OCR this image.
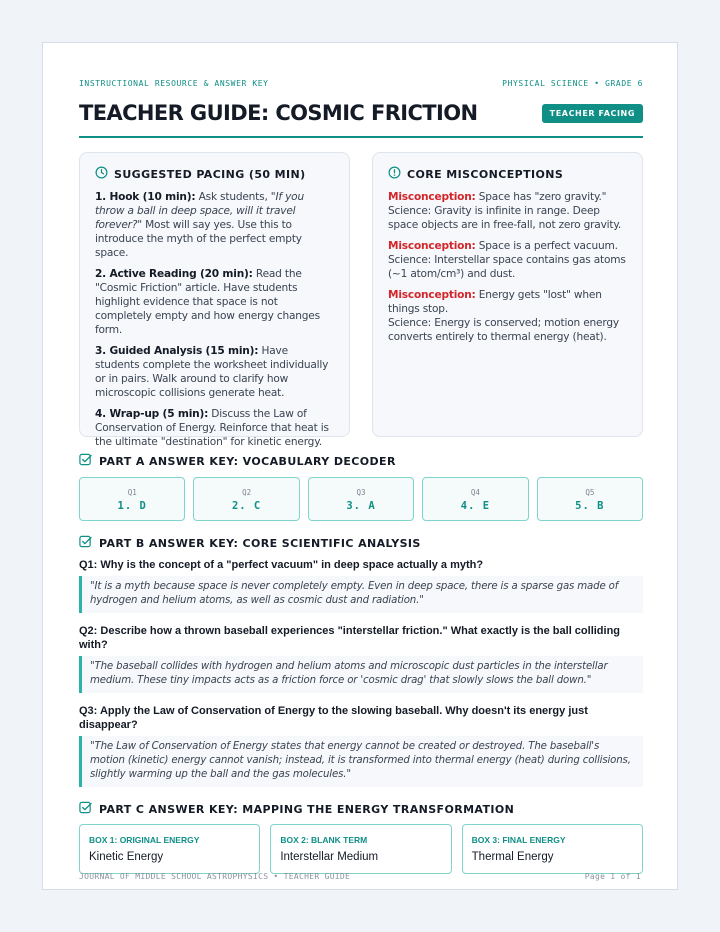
INSTRUCTIONAL RESOURCE & ANSWER KEY	PHYSICAL SCIENCE • GRADE 6
TEACHER GUIDE: COSMIC FRICTION	TEACHER FACING
SUGGESTED PACING (50 MIN)

1. Hook (10 min): Ask students, "If you throw a ball in deep space, will it travel forever?" Most will say yes. Use this to introduce the myth of the perfect empty space.

2. Active Reading (20 min): Read the "Cosmic Friction" article. Have students highlight evidence that space is not completely empty and how energy changes form.

3. Guided Analysis (15 min): Have students complete the worksheet individually or in pairs. Walk around to clarify how microscopic collisions generate heat.

4. Wrap-up (5 min): Discuss the Law of Conservation of Energy. Reinforce that heat is the ultimate "destination" for kinetic energy.

CORE MISCONCEPTIONS

Misconception: Space has "zero gravity."
Science: Gravity is infinite in range. Deep space objects are in free-fall, not zero gravity.

Misconception: Space is a perfect vacuum.
Science: Interstellar space contains gas atoms (~1 atom/cm³) and dust.

Misconception: Energy gets "lost" when things stop.
Science: Energy is conserved; motion energy converts entirely to thermal energy (heat).

PART A ANSWER KEY: VOCABULARY DECODER
Q1
1. D
Q2
2. C
Q3
3. A
Q4
4. E
Q5
5. B
PART B ANSWER KEY: CORE SCIENTIFIC ANALYSIS

Q1: Why is the concept of a "perfect vacuum" in deep space actually a myth?

"It is a myth because space is never completely empty. Even in deep space, there is a sparse gas made of hydrogen and helium atoms, as well as cosmic dust and radiation."

Q2: Describe how a thrown baseball experiences "interstellar friction." What exactly is the ball colliding with?

"The baseball collides with hydrogen and helium atoms and microscopic dust particles in the interstellar medium. These tiny impacts acts as a friction force or 'cosmic drag' that slowly slows the ball down."

Q3: Apply the Law of Conservation of Energy to the slowing baseball. Why doesn't its energy just disappear?

"The Law of Conservation of Energy states that energy cannot be created or destroyed. The baseball's motion (kinetic) energy cannot vanish; instead, it is transformed into thermal energy (heat) during collisions, slightly warming up the ball and the gas molecules."

PART C ANSWER KEY: MAPPING THE ENERGY TRANSFORMATION
BOX 1: ORIGINAL ENERGY
Kinetic Energy
BOX 2: BLANK TERM
Interstellar Medium
BOX 3: FINAL ENERGY
Thermal Energy
JOURNAL OF MIDDLE SCHOOL ASTROPHYSICS • TEACHER GUIDE	Page 1 of 1
